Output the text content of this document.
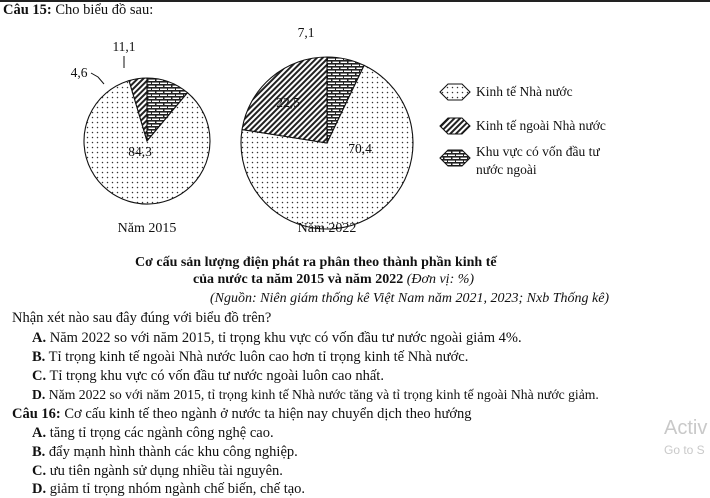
Câu 15: Cho biểu đồ sau:
84,3
4,6
11,1
Năm 2015
70,4
22,5
7,1
Năm 2022
Kinh tế Nhà nước
Kinh tế ngoài Nhà nước
Khu vực có vốn đầu tư
nước ngoài
Cơ cấu sản lượng điện phát ra phân theo thành phần kinh tế
của nước ta năm 2015 và năm 2022 (Đơn vị: %)
(Nguồn: Niên giám thống kê Việt Nam năm 2021, 2023; Nxb Thống kê)
Nhận xét nào sau đây đúng với biểu đồ trên?
A. Năm 2022 so với năm 2015, tỉ trọng khu vực có vốn đầu tư nước ngoài giảm 4%.
B. Tỉ trọng kinh tế ngoài Nhà nước luôn cao hơn tỉ trọng kinh tế Nhà nước.
C. Tỉ trọng khu vực có vốn đầu tư nước ngoài luôn cao nhất.
D. Năm 2022 so với năm 2015, tỉ trọng kinh tế Nhà nước tăng và tỉ trọng kinh tế ngoài Nhà nước giảm.
Câu 16: Cơ cấu kinh tế theo ngành ở nước ta hiện nay chuyển dịch theo hướng
A. tăng tỉ trọng các ngành công nghệ cao.
B. đẩy mạnh hình thành các khu công nghiệp.
C. ưu tiên ngành sử dụng nhiều tài nguyên.
D. giảm tỉ trọng nhóm ngành chế biến, chế tạo.
Activ
Go to S
